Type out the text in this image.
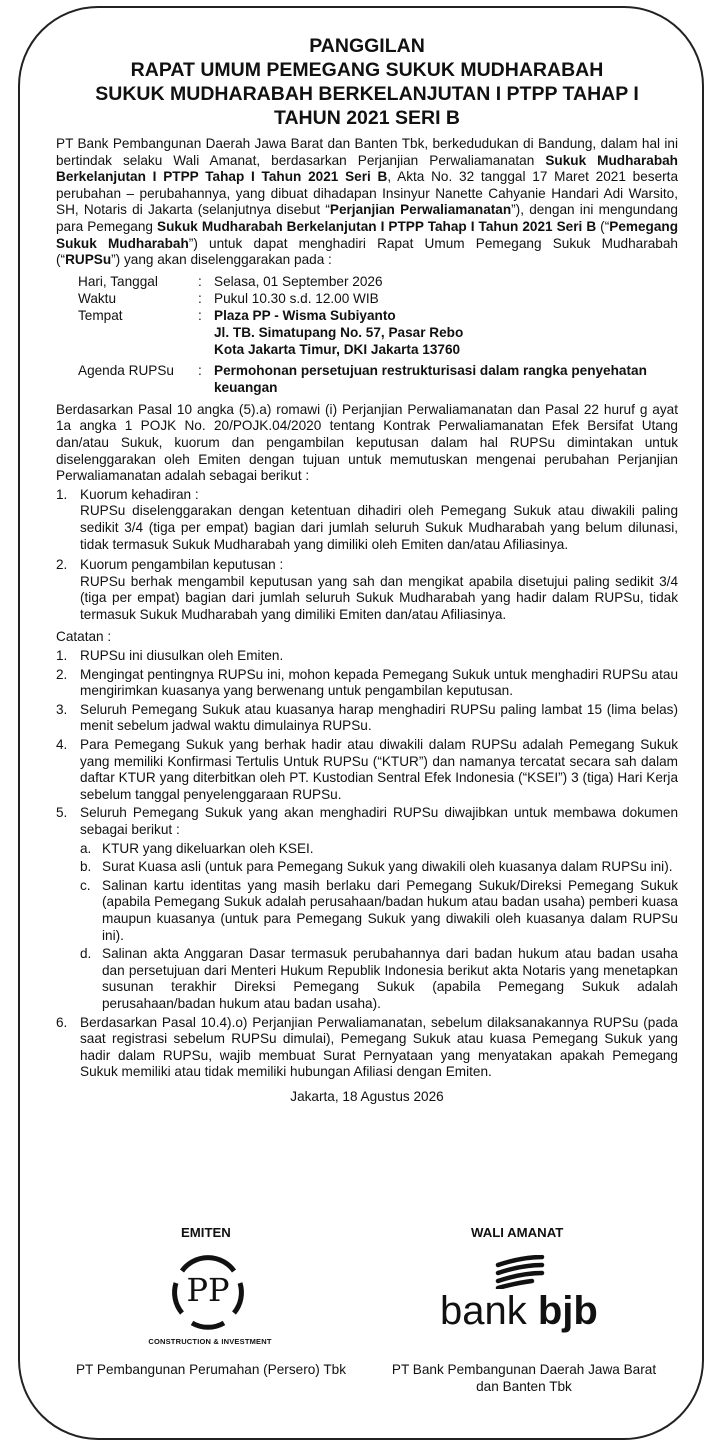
PANGGILAN
RAPAT UMUM PEMEGANG SUKUK MUDHARABAH
SUKUK MUDHARABAH BERKELANJUTAN I PTPP TAHAP I
TAHUN 2021 SERI B

PT Bank Pembangunan Daerah Jawa Barat dan Banten Tbk, berkedudukan di Bandung, dalam hal ini bertindak selaku Wali Amanat, berdasarkan Perjanjian Perwaliamanatan Sukuk Mudharabah Berkelanjutan I PTPP Tahap I Tahun 2021 Seri B, Akta No. 32 tanggal 17 Maret 2021 beserta perubahan – perubahannya, yang dibuat dihadapan Insinyur Nanette Cahyanie Handari Adi Warsito, SH, Notaris di Jakarta (selanjutnya disebut “Perjanjian Perwaliamanatan”), dengan ini mengundang para Pemegang Sukuk Mudharabah Berkelanjutan I PTPP Tahap I Tahun 2021 Seri B (“Pemegang Sukuk Mudharabah”) untuk dapat menghadiri Rapat Umum Pemegang Sukuk Mudharabah (“RUPSu”) yang akan diselenggarakan pada :

Hari, Tanggal	:	Selasa, 01 September 2026
Waktu	:	Pukul 10.30 s.d. 12.00 WIB
Tempat	:	Plaza PP - Wisma Subiyanto
Jl. TB. Simatupang No. 57, Pasar Rebo
Kota Jakarta Timur, DKI Jakarta 13760

Agenda RUPSu	:	Permohonan persetujuan restrukturisasi dalam rangka penyehatan keuangan

Berdasarkan Pasal 10 angka (5).a) romawi (i) Perjanjian Perwaliamanatan dan Pasal 22 huruf g ayat 1a angka 1 POJK No. 20/POJK.04/2020 tentang Kontrak Perwaliamanatan Efek Bersifat Utang dan/atau Sukuk, kuorum dan pengambilan keputusan dalam hal RUPSu dimintakan untuk diselenggarakan oleh Emiten dengan tujuan untuk memutuskan mengenai perubahan Perjanjian Perwaliamanatan adalah sebagai berikut :

1. Kuorum kehadiran :
RUPSu diselenggarakan dengan ketentuan dihadiri oleh Pemegang Sukuk atau diwakili paling sedikit 3/4 (tiga per empat) bagian dari jumlah seluruh Sukuk Mudharabah yang belum dilunasi, tidak termasuk Sukuk Mudharabah yang dimiliki oleh Emiten dan/atau Afiliasinya.
2. Kuorum pengambilan keputusan :
RUPSu berhak mengambil keputusan yang sah dan mengikat apabila disetujui paling sedikit 3/4 (tiga per empat) bagian dari jumlah seluruh Sukuk Mudharabah yang hadir dalam RUPSu, tidak termasuk Sukuk Mudharabah yang dimiliki Emiten dan/atau Afiliasinya.
Catatan :
1. RUPSu ini diusulkan oleh Emiten.
2. Mengingat pentingnya RUPSu ini, mohon kepada Pemegang Sukuk untuk menghadiri RUPSu atau mengirimkan kuasanya yang berwenang untuk pengambilan keputusan.
3. Seluruh Pemegang Sukuk atau kuasanya harap menghadiri RUPSu paling lambat 15 (lima belas) menit sebelum jadwal waktu dimulainya RUPSu.
4. Para Pemegang Sukuk yang berhak hadir atau diwakili dalam RUPSu adalah Pemegang Sukuk yang memiliki Konfirmasi Tertulis Untuk RUPSu (“KTUR”) dan namanya tercatat secara sah dalam daftar KTUR yang diterbitkan oleh PT. Kustodian Sentral Efek Indonesia (“KSEI”) 3 (tiga) Hari Kerja sebelum tanggal penyelenggaraan RUPSu.
5. Seluruh Pemegang Sukuk yang akan menghadiri RUPSu diwajibkan untuk membawa dokumen sebagai berikut :
a. KTUR yang dikeluarkan oleh KSEI.
b. Surat Kuasa asli (untuk para Pemegang Sukuk yang diwakili oleh kuasanya dalam RUPSu ini).
c. Salinan kartu identitas yang masih berlaku dari Pemegang Sukuk/Direksi Pemegang Sukuk (apabila Pemegang Sukuk adalah perusahaan/badan hukum atau badan usaha) pemberi kuasa maupun kuasanya (untuk para Pemegang Sukuk yang diwakili oleh kuasanya dalam RUPSu ini).
d. Salinan akta Anggaran Dasar termasuk perubahannya dari badan hukum atau badan usaha dan persetujuan dari Menteri Hukum Republik Indonesia berikut akta Notaris yang menetapkan susunan terakhir Direksi Pemegang Sukuk (apabila Pemegang Sukuk adalah perusahaan/badan hukum atau badan usaha).
6. Berdasarkan Pasal 10.4).o) Perjanjian Perwaliamanatan, sebelum dilaksanakannya RUPSu (pada saat registrasi sebelum RUPSu dimulai), Pemegang Sukuk atau kuasa Pemegang Sukuk yang hadir dalam RUPSu, wajib membuat Surat Pernyataan yang menyatakan apakah Pemegang Sukuk memiliki atau tidak memiliki hubungan Afiliasi dengan Emiten.
Jakarta, 18 Agustus 2026
EMITEN	WALI AMANAT
PP
CONSTRUCTION & INVESTMENT
bank bjb
PT Pembangunan Perumahan (Persero) Tbk	PT Bank Pembangunan Daerah Jawa Barat
dan Banten Tbk
